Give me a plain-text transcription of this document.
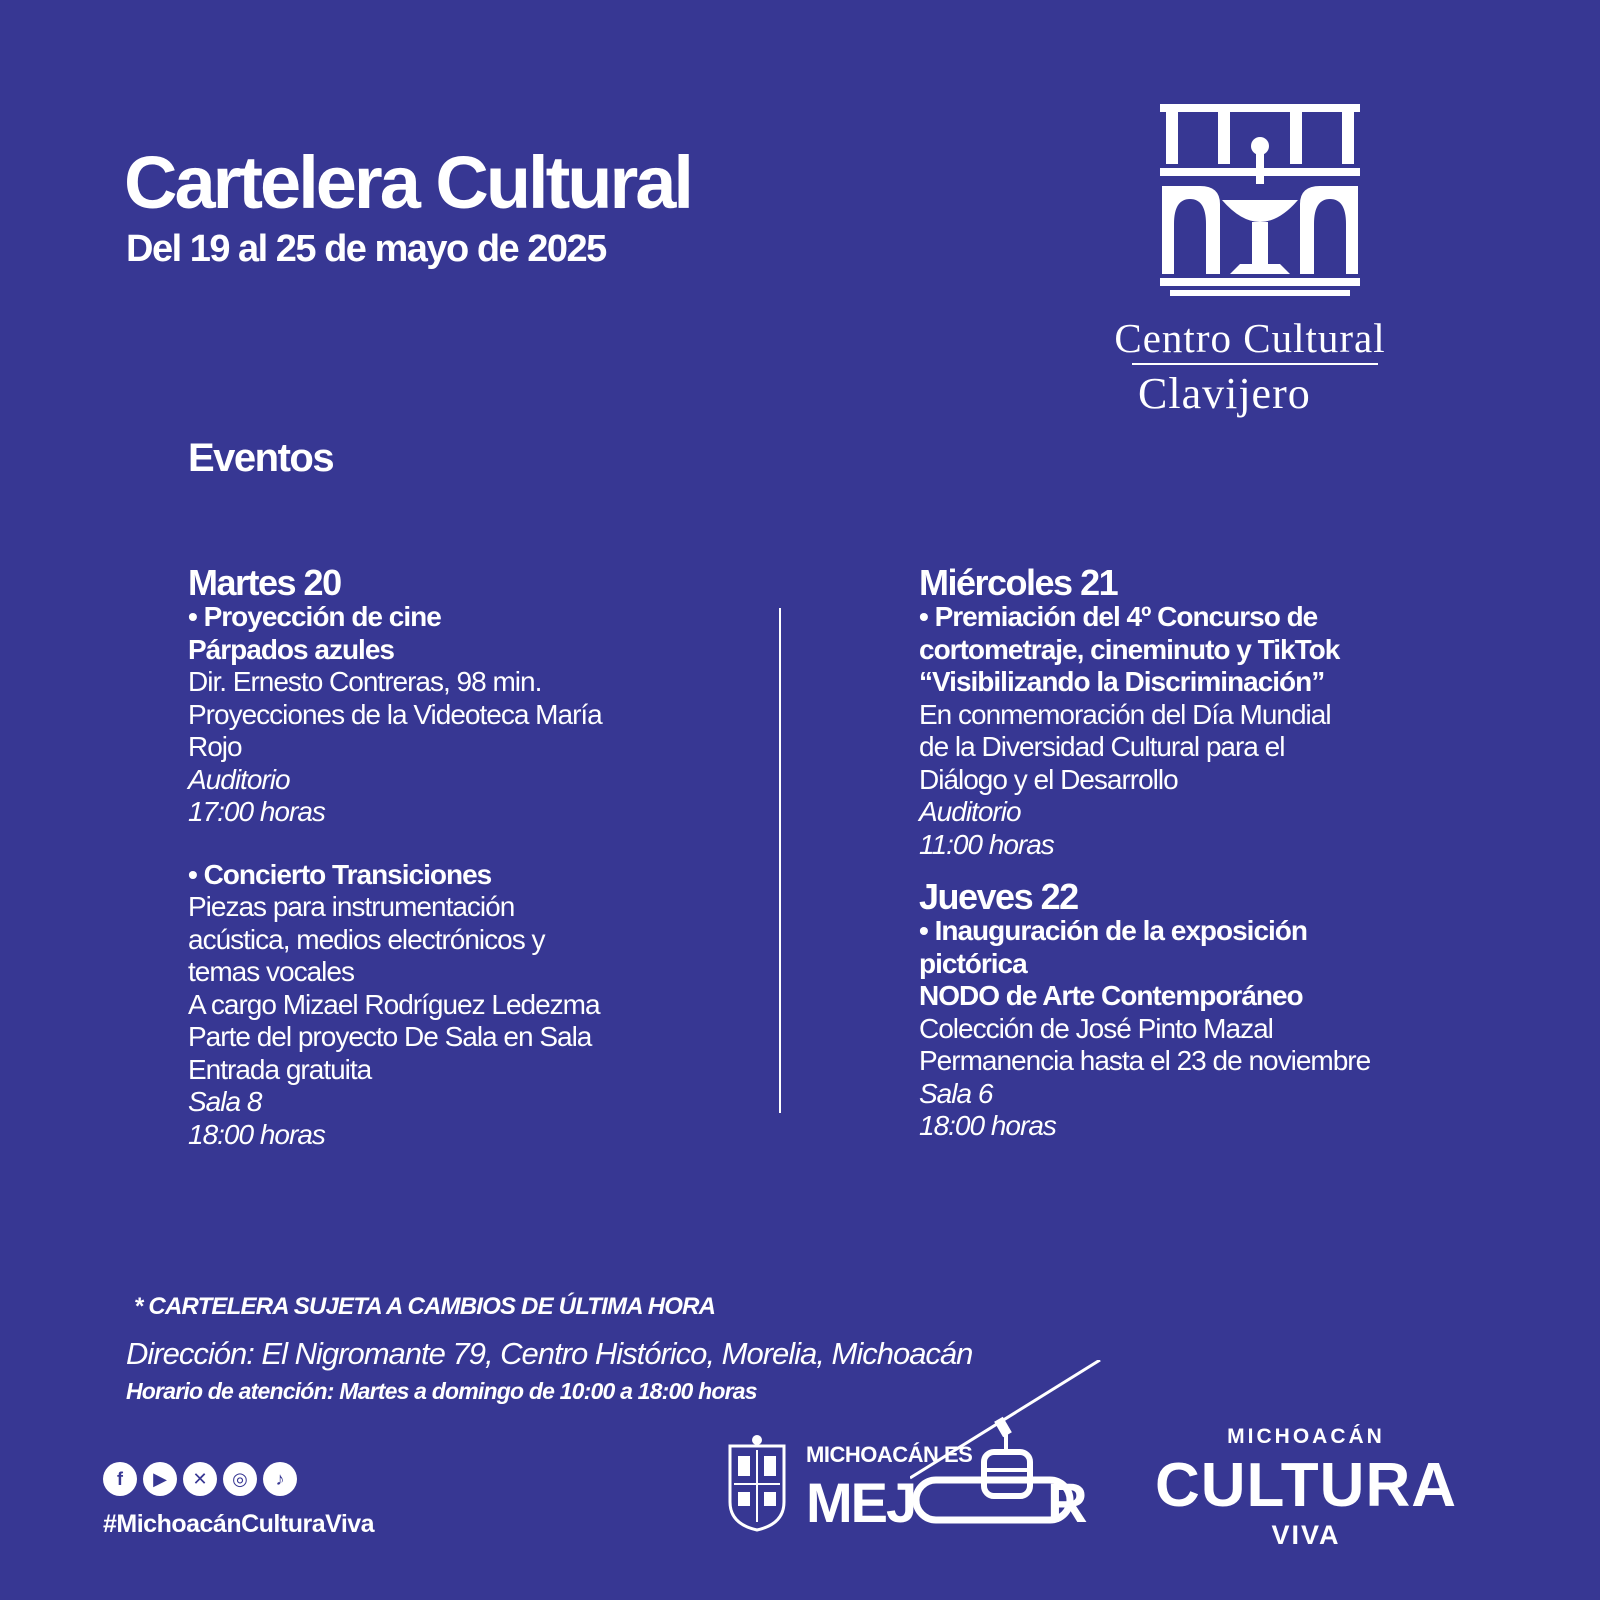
Cartelera Cultural
Del 19 al 25 de mayo de 2025
Centro Cultural
Clavijero
Eventos
Martes 20
• Proyección de cine
Párpados azules
Dir. Ernesto Contreras, 98 min.
Proyecciones de la Videoteca María
Rojo
Auditorio
17:00 horas
• Concierto Transiciones
Piezas para instrumentación
acústica, medios electrónicos y
temas vocales
A cargo Mizael Rodríguez Ledezma
Parte del proyecto De Sala en Sala
Entrada gratuita
Sala 8
18:00 horas
Miércoles 21
• Premiación del 4º Concurso de
cortometraje, cineminuto y TikTok
“Visibilizando la Discriminación”
En conmemoración del Día Mundial
de la Diversidad Cultural para el
Diálogo y el Desarrollo
Auditorio
11:00 horas
Jueves 22
• Inauguración de la exposición
pictórica
NODO de Arte Contemporáneo
Colección de José Pinto Mazal
Permanencia hasta el 23 de noviembre
Sala 6
18:00 horas
* CARTELERA SUJETA A CAMBIOS DE ÚLTIMA HORA
Dirección: El Nigromante 79, Centro Histórico, Morelia, Michoacán
Horario de atención: Martes a domingo de 10:00 a 18:00 horas
f	▶	✕	◎	♪
#MichoacánCulturaViva
MICHOACÁN ES
MEJ R
MICHOACÁN
CULTURA
VIVA
